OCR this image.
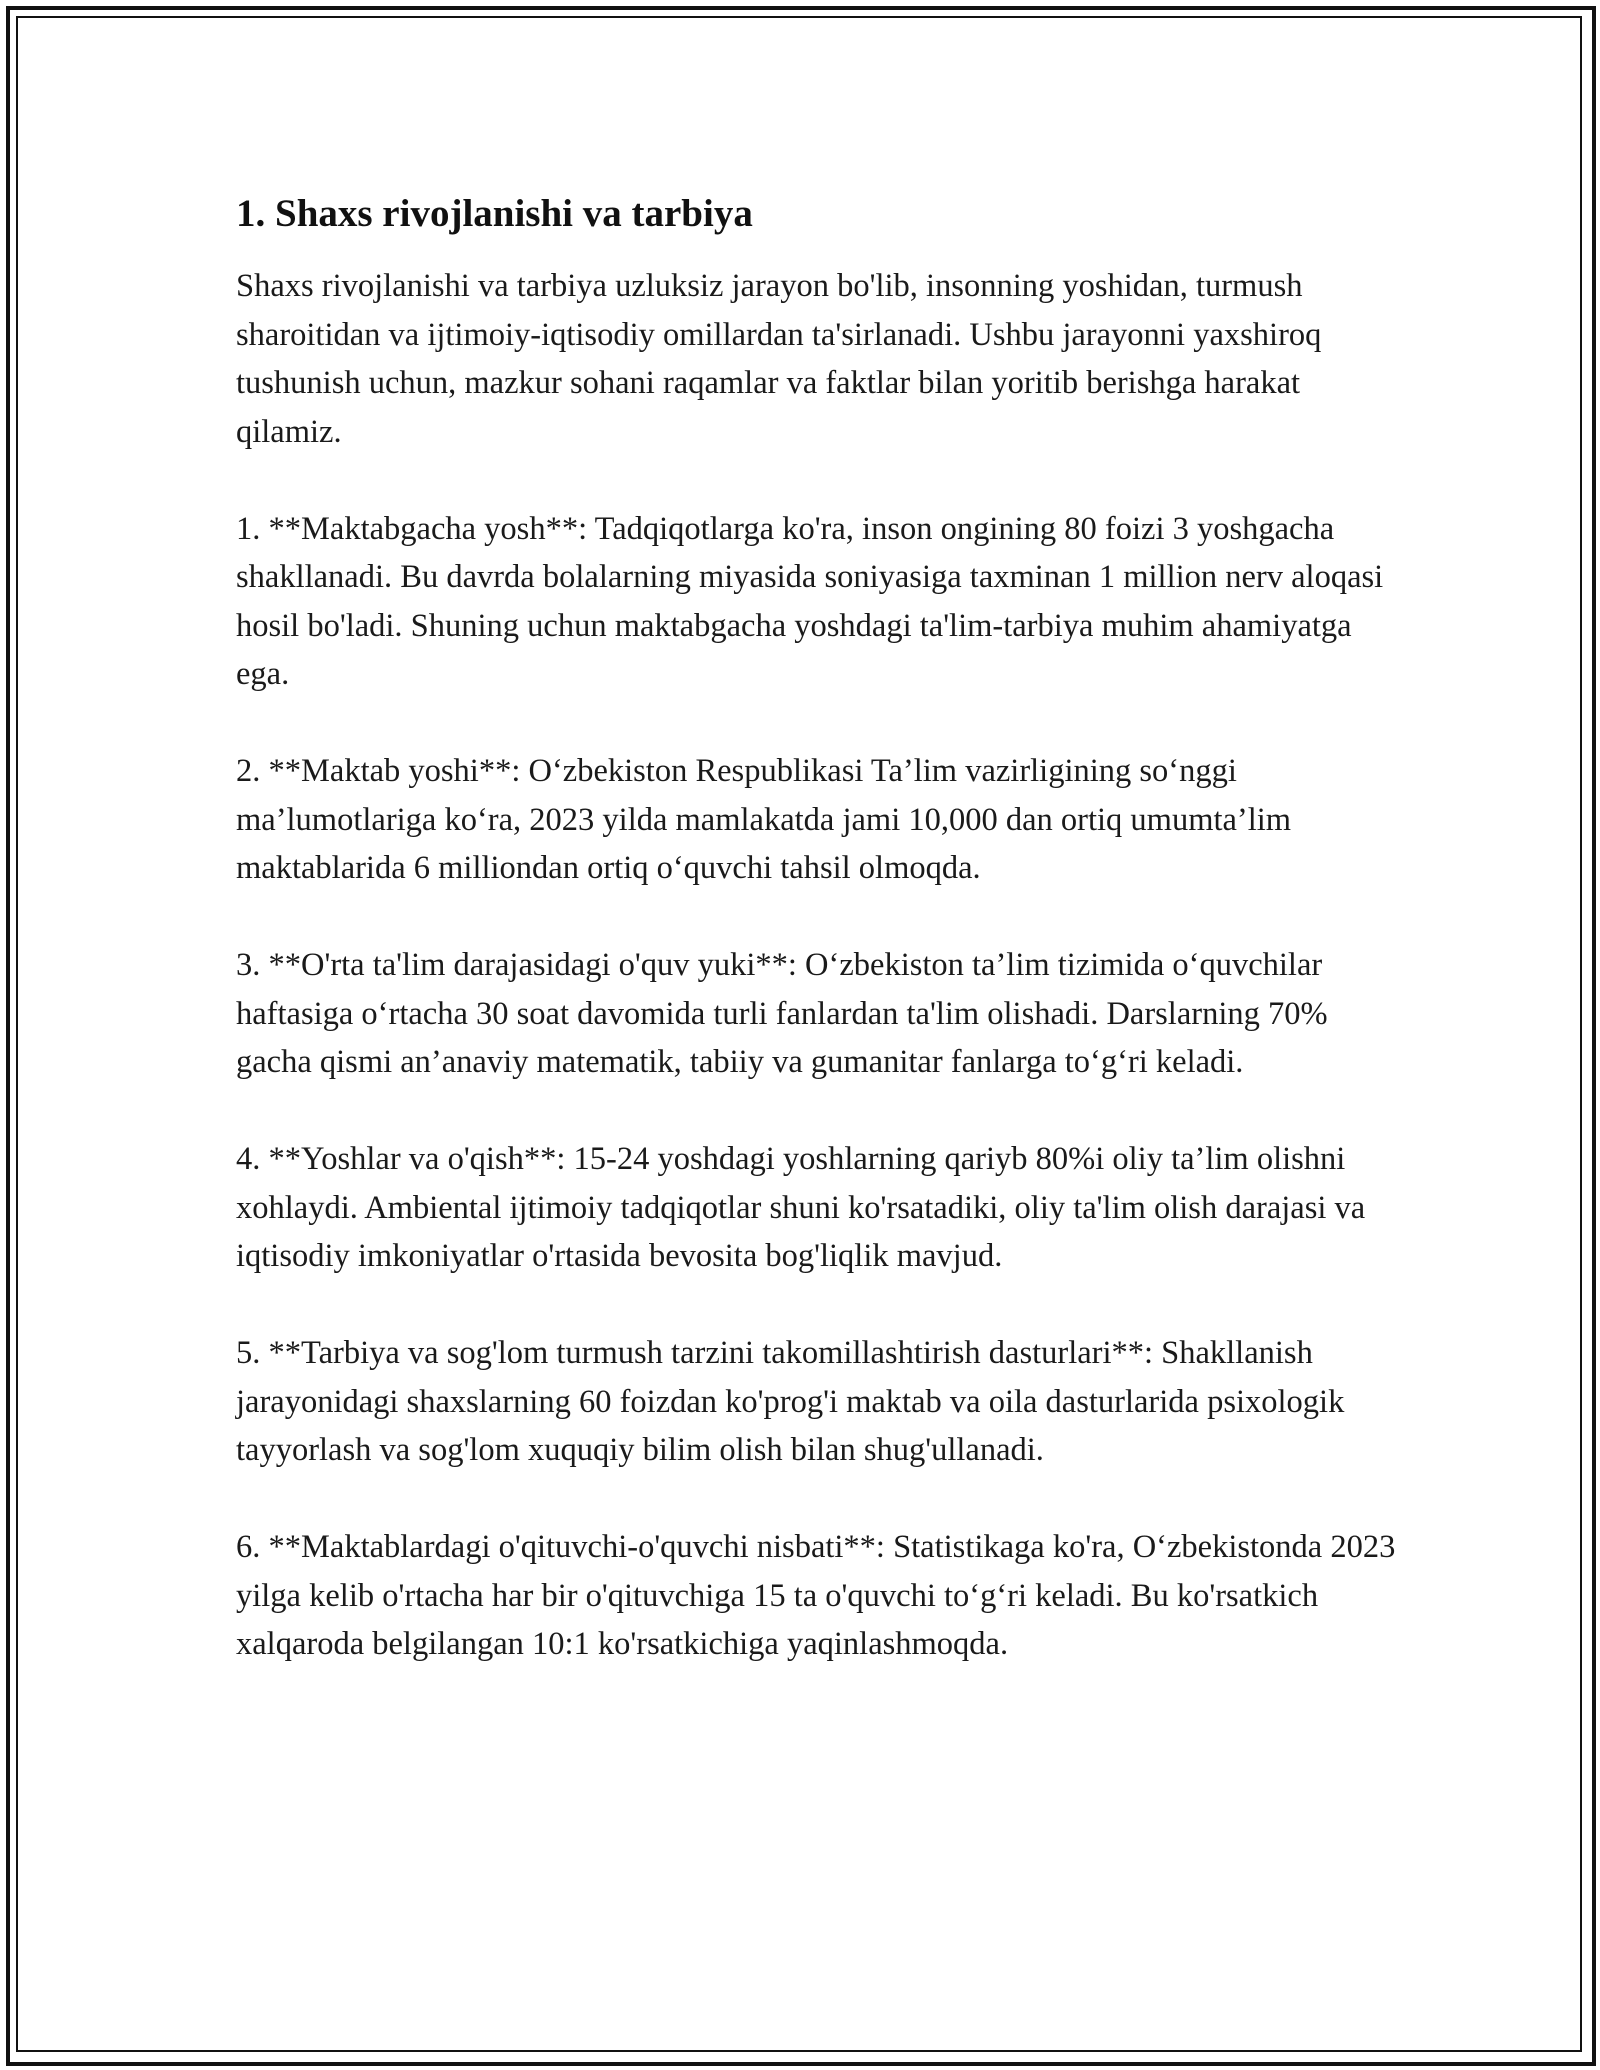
1. Shaxs rivojlanishi va tarbiya

Shaxs rivojlanishi va tarbiya uzluksiz jarayon bo'lib, insonning yoshidan, turmush sharoitidan va ijtimoiy-iqtisodiy omillardan ta'sirlanadi. Ushbu jarayonni yaxshiroq tushunish uchun, mazkur sohani raqamlar va faktlar bilan yoritib berishga harakat qilamiz.

1. **Maktabgacha yosh**: Tadqiqotlarga ko'ra, inson ongining 80 foizi 3 yoshgacha shakllanadi. Bu davrda bolalarning miyasida soniyasiga taxminan 1 million nerv aloqasi hosil bo'ladi. Shuning uchun maktabgacha yoshdagi ta'lim-tarbiya muhim ahamiyatga ega.

2. **Maktab yoshi**: O‘zbekiston Respublikasi Ta’lim vazirligining so‘nggi ma’lumotlariga ko‘ra, 2023 yilda mamlakatda jami 10,000 dan ortiq umumta’lim maktablarida 6 milliondan ortiq o‘quvchi tahsil olmoqda.

3. **O'rta ta'lim darajasidagi o'quv yuki**: O‘zbekiston ta’lim tizimida o‘quvchilar haftasiga o‘rtacha 30 soat davomida turli fanlardan ta'lim olishadi. Darslarning 70% gacha qismi an’anaviy matematik, tabiiy va gumanitar fanlarga to‘g‘ri keladi.

4. **Yoshlar va o'qish**: 15-24 yoshdagi yoshlarning qariyb 80%i oliy ta’lim olishni xohlaydi. Ambiental ijtimoiy tadqiqotlar shuni ko'rsatadiki, oliy ta'lim olish darajasi va iqtisodiy imkoniyatlar o'rtasida bevosita bog'liqlik mavjud.

5. **Tarbiya va sog'lom turmush tarzini takomillashtirish dasturlari**: Shakllanish jarayonidagi shaxslarning 60 foizdan ko'prog'i maktab va oila dasturlarida psixologik tayyorlash va sog'lom xuquqiy bilim olish bilan shug'ullanadi.

6. **Maktablardagi o'qituvchi-o'quvchi nisbati**: Statistikaga ko'ra, O‘zbekistonda 2023 yilga kelib o'rtacha har bir o'qituvchiga 15 ta o'quvchi to‘g‘ri keladi. Bu ko'rsatkich xalqaroda belgilangan 10:1 ko'rsatkichiga yaqinlashmoqda.
